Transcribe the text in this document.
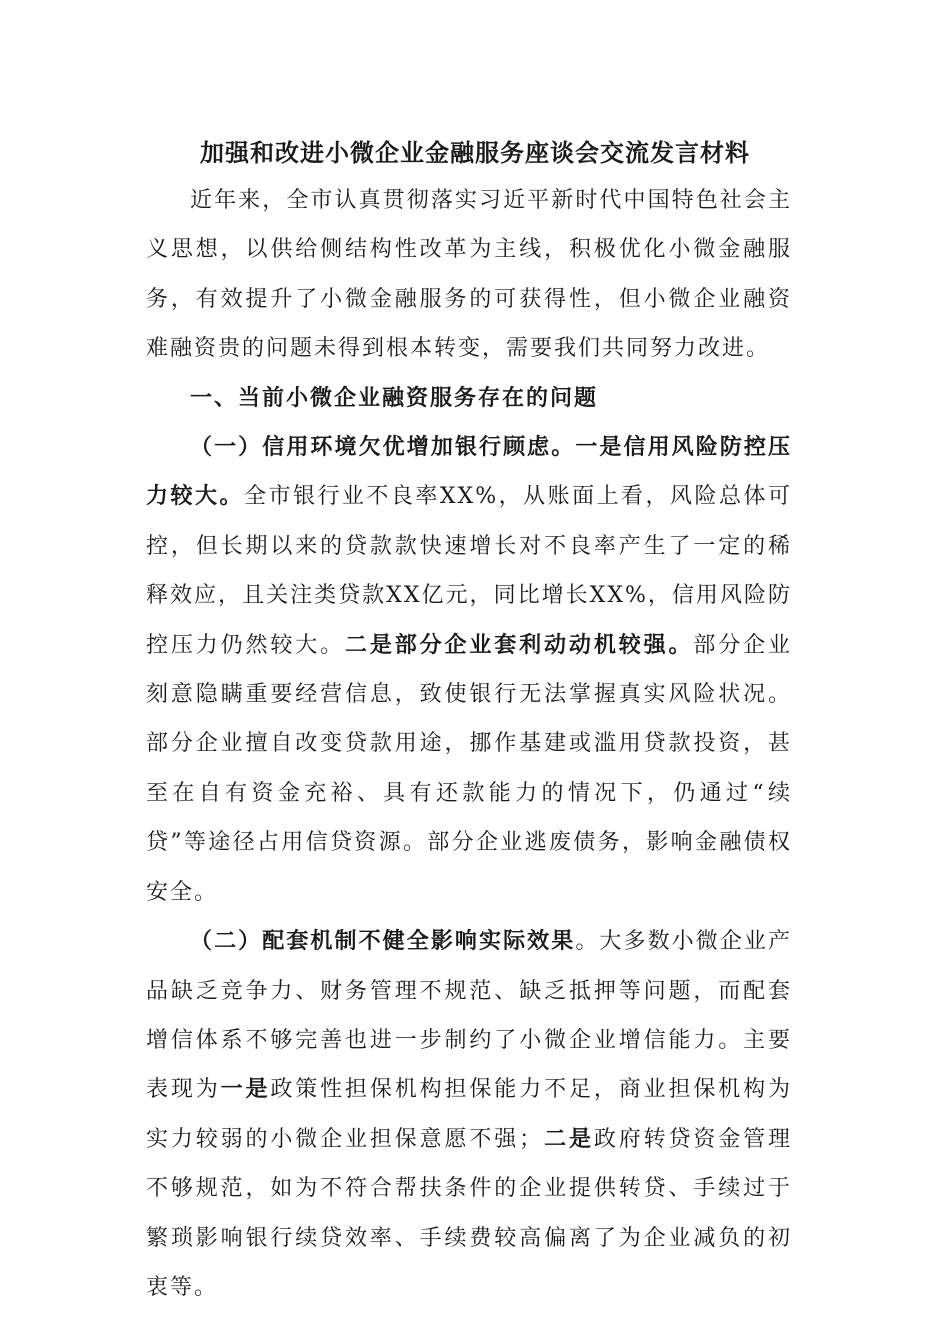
加强和改进小微企业金融服务座谈会交流发言材料

近年来，全市认真贯彻落实习近平新时代中国特色社会主义思想，以供给侧结构性改革为主线，积极优化小微金融服务，有效提升了小微金融服务的可获得性，但小微企业融资难融资贵的问题未得到根本转变，需要我们共同努力改进。

一、当前小微企业融资服务存在的问题

（一）信用环境欠优增加银行顾虑。一是信用风险防控压力较大。全市银行业不良率XX%，从账面上看，风险总体可控，但长期以来的贷款款快速增长对不良率产生了一定的稀释效应，且关注类贷款XX亿元，同比增长XX%，信用风险防控压力仍然较大。二是部分企业套利动动机较强。部分企业刻意隐瞒重要经营信息，致使银行无法掌握真实风险状况。部分企业擅自改变贷款用途，挪作基建或滥用贷款投资，甚至在自有资金充裕、具有还款能力的情况下，仍通过“续贷”等途径占用信贷资源。部分企业逃废债务，影响金融债权安全。

（二）配套机制不健全影响实际效果。大多数小微企业产品缺乏竞争力、财务管理不规范、缺乏抵押等问题，而配套增信体系不够完善也进一步制约了小微企业增信能力。主要表现为一是政策性担保机构担保能力不足，商业担保机构为实力较弱的小微企业担保意愿不强；二是政府转贷资金管理不够规范，如为不符合帮扶条件的企业提供转贷、手续过于繁琐影响银行续贷效率、手续费较高偏离了为企业减负的初衷等。
